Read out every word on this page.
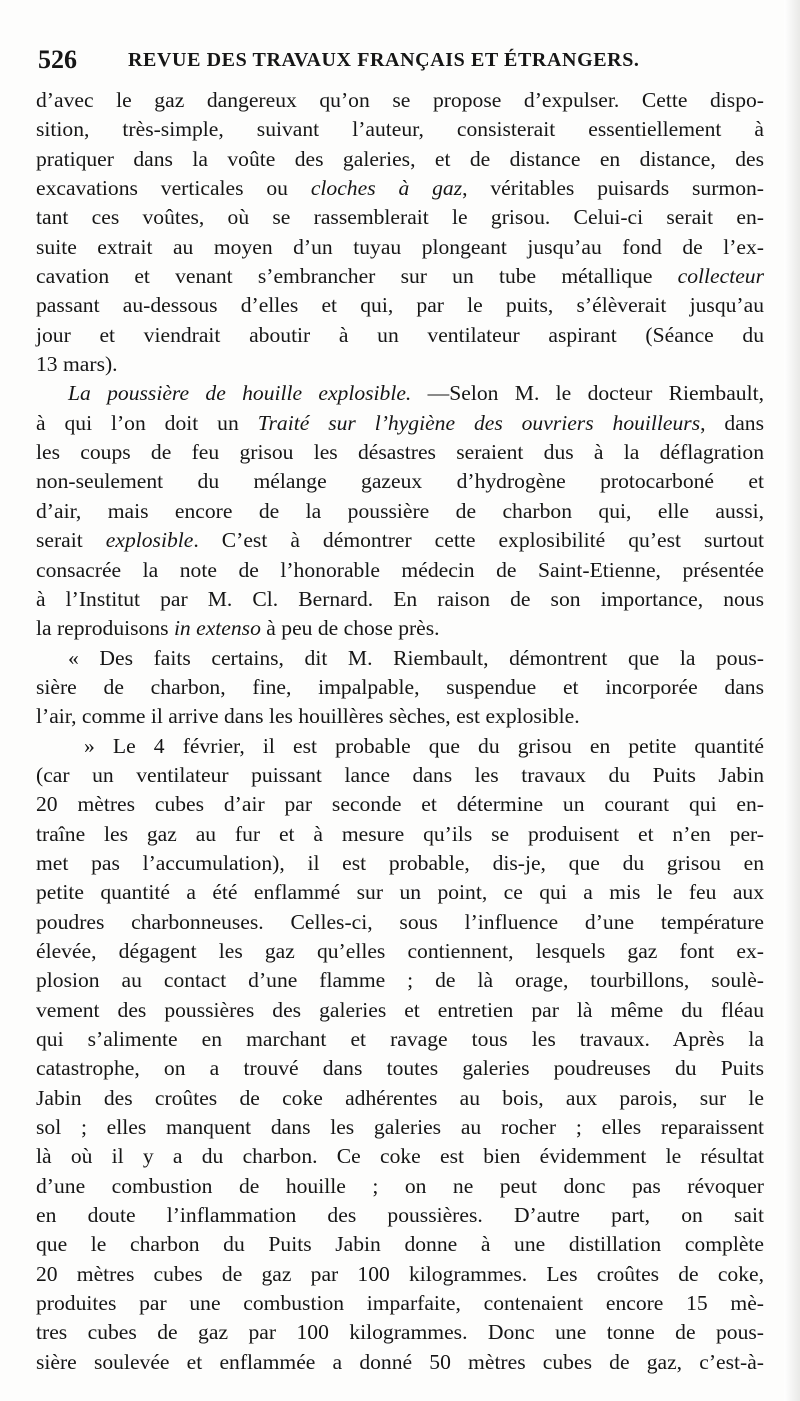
526	REVUE DES TRAVAUX FRANÇAIS ET ÉTRANGERS.
d’avec le gaz dangereux qu’on se propose d’expulser. Cette dispo-
sition, très-simple, suivant l’auteur, consisterait essentiellement à
pratiquer dans la voûte des galeries, et de distance en distance, des
excavations verticales ou cloches à gaz, véritables puisards surmon-
tant ces voûtes, où se rassemblerait le grisou. Celui-ci serait en-
suite extrait au moyen d’un tuyau plongeant jusqu’au fond de l’ex-
cavation et venant s’embrancher sur un tube métallique collecteur
passant au-dessous d’elles et qui, par le puits, s’élèverait jusqu’au
jour et viendrait aboutir à un ventilateur aspirant (Séance du
13 mars).
La poussière de houille explosible. —Selon M. le docteur Riembault,
à qui l’on doit un Traité sur l’hygiène des ouvriers houilleurs, dans
les coups de feu grisou les désastres seraient dus à la déflagration
non-seulement du mélange gazeux d’hydrogène protocarboné et
d’air, mais encore de la poussière de charbon qui, elle aussi,
serait explosible. C’est à démontrer cette explosibilité qu’est surtout
consacrée la note de l’honorable médecin de Saint-Etienne, présentée
à l’Institut par M. Cl. Bernard. En raison de son importance, nous
la reproduisons in extenso à peu de chose près.
« Des faits certains, dit M. Riembault, démontrent que la pous-
sière de charbon, fine, impalpable, suspendue et incorporée dans
l’air, comme il arrive dans les houillères sèches, est explosible.
» Le 4 février, il est probable que du grisou en petite quantité
(car un ventilateur puissant lance dans les travaux du Puits Jabin
20 mètres cubes d’air par seconde et détermine un courant qui en-
traîne les gaz au fur et à mesure qu’ils se produisent et n’en per-
met pas l’accumulation), il est probable, dis-je, que du grisou en
petite quantité a été enflammé sur un point, ce qui a mis le feu aux
poudres charbonneuses. Celles-ci, sous l’influence d’une température
élevée, dégagent les gaz qu’elles contiennent, lesquels gaz font ex-
plosion au contact d’une flamme ; de là orage, tourbillons, soulè-
vement des poussières des galeries et entretien par là même du fléau
qui s’alimente en marchant et ravage tous les travaux. Après la
catastrophe, on a trouvé dans toutes galeries poudreuses du Puits
Jabin des croûtes de coke adhérentes au bois, aux parois, sur le
sol ; elles manquent dans les galeries au rocher ; elles reparaissent
là où il y a du charbon. Ce coke est bien évidemment le résultat
d’une combustion de houille ; on ne peut donc pas révoquer
en doute l’inflammation des poussières. D’autre part, on sait
que le charbon du Puits Jabin donne à une distillation complète
20 mètres cubes de gaz par 100 kilogrammes. Les croûtes de coke,
produites par une combustion imparfaite, contenaient encore 15 mè-
tres cubes de gaz par 100 kilogrammes. Donc une tonne de pous-
sière soulevée et enflammée a donné 50 mètres cubes de gaz, c’est-à-
